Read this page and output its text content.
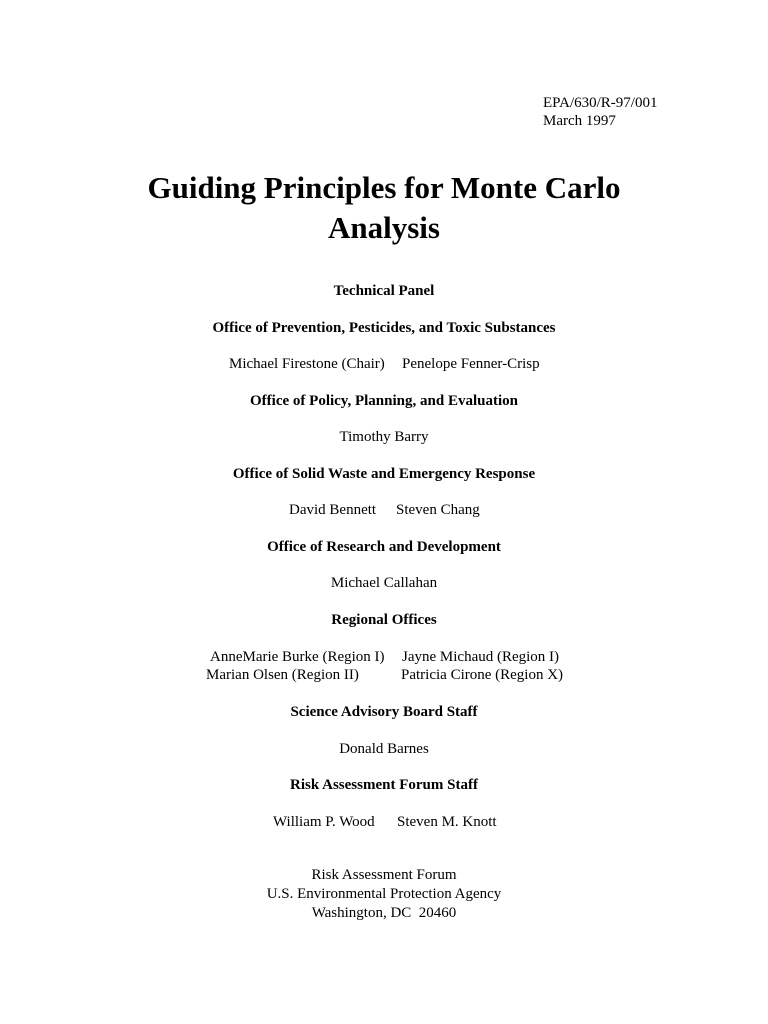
EPA/630/R-97/001
March 1997
Guiding Principles for Monte Carlo
Analysis
Technical Panel
Office of Prevention, Pesticides, and Toxic Substances
Michael Firestone (Chair) Penelope Fenner-Crisp
Office of Policy, Planning, and Evaluation
Timothy Barry
Office of Solid Waste and Emergency Response
David Bennett Steven Chang
Office of Research and Development
Michael Callahan
Regional Offices
AnneMarie Burke (Region I) Jayne Michaud (Region I)
Marian Olsen (Region II)	Patricia Cirone (Region X)
Science Advisory Board Staff
Donald Barnes
Risk Assessment Forum Staff
William P. Wood Steven M. Knott
Risk Assessment Forum
U.S. Environmental Protection Agency
Washington, DC  20460
